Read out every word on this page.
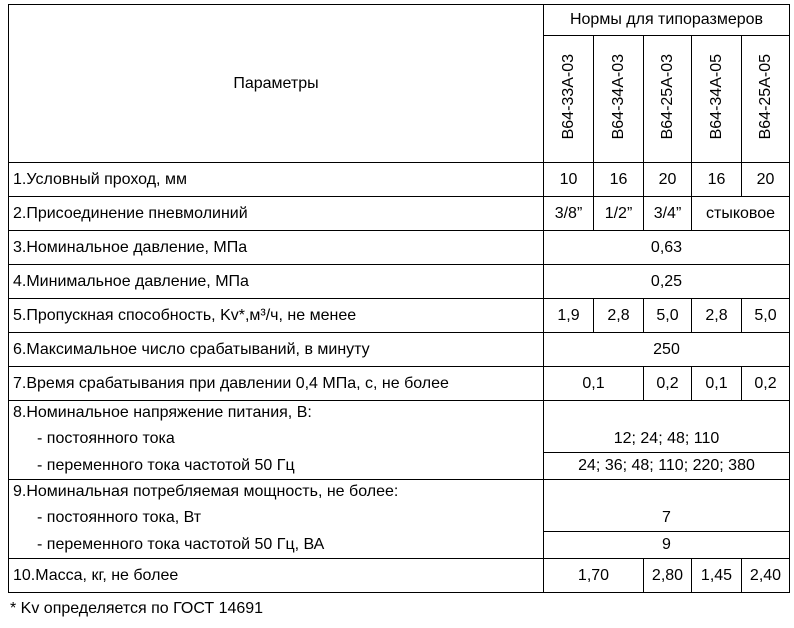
Параметры	Нормы для типоразмеров				
	В64-33А-03	В64-34А-03	В64-25А-03	В64-34А-05	В64-25А-05
1.Условный проход, мм	10	16	20	16	20
2.Присоединение пневмолиний	3/8”	1/2”	3/4”	стыковое	
3.Номинальное давление, МПа	0,63				
4.Минимальное давление, МПа	0,25				
5.Пропускная способность, Kv*,м³/ч, не менее	1,9	2,8	5,0	2,8	5,0
6.Максимальное число срабатываний, в минуту	250				
7.Время срабатывания при давлении 0,4 МПа, с, не более	0,1		0,2	0,1	0,2
8.Номинальное напряжение питания, В:					
- постоянного тока	12; 24; 48; 110				
- переменного тока частотой 50 Гц	24; 36; 48; 110; 220; 380				
9.Номинальная потребляемая мощность, не более:					
- постоянного тока, Вт	7				
- переменного тока частотой 50 Гц, ВА	9				
10.Масса, кг, не более	1,70		2,80	1,45	2,40
* Kv определяется по ГОСТ 14691
